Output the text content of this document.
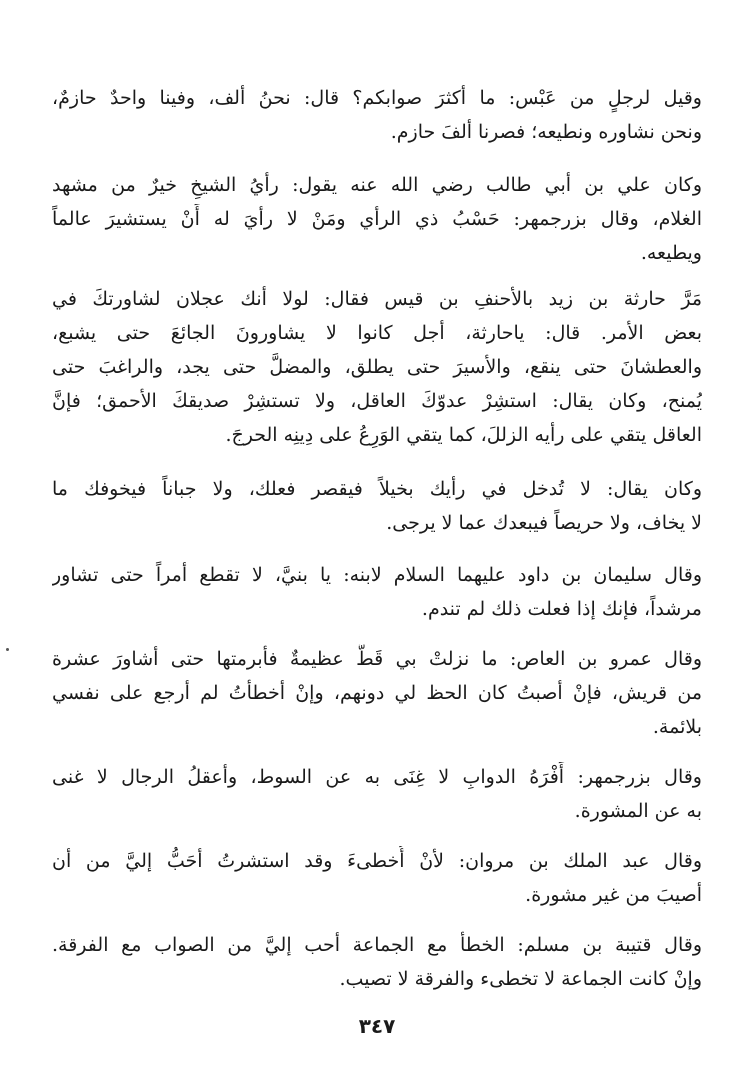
وقيل لرجلٍ من عَبْس: ما أكثرَ صوابكم؟ قال: نحنُ ألف، وفينا واحدٌ حازمٌ،
ونحن نشاوره ونطيعه؛ فصرنا ألفَ حازم.
وكان علي بن أبي طالب رضي الله عنه يقول: رأيُ الشيخِ خيرٌ من مشهد
الغلام، وقال بزرجمهر: حَسْبُ ذي الرأي ومَنْ لا رأيَ له أَنْ يستشيرَ عالماً
ويطيعه.
مَرَّ حارثة بن زيد بالأحنفِ بن قيس فقال: لولا أنك عجلان لشاورتكَ في
بعض الأمر. قال: ياحارثة، أجل كانوا لا يشاورونَ الجائعَ حتى يشبع،
والعطشانَ حتى ينقع، والأسيرَ حتى يطلق، والمضلَّ حتى يجد، والراغبَ حتى
يُمنح، وكان يقال: استشِرْ عدوّكَ العاقل، ولا تستشِرْ صديقكَ الأحمق؛ فإنَّ
العاقل يتقي على رأيه الزللَ، كما يتقي الوَرِعُ على دِينِه الحرجَ.
وكان يقال: لا تُدخل في رأيك بخيلاً فيقصر فعلك، ولا جباناً فيخوفك ما
لا يخاف، ولا حريصاً فيبعدك عما لا يرجى.
وقال سليمان بن داود عليهما السلام لابنه: يا بنيَّ، لا تقطع أمراً حتى تشاور
مرشداً، فإنك إذا فعلت ذلك لم تندم.
وقال عمرو بن العاص: ما نزلتْ بي قَطُّ عظيمةٌ فأبرمتها حتى أشاورَ عشرة
من قريش، فإنْ أصبتُ كان الحظ لي دونهم، وإنْ أخطأتُ لم أرجع على نفسي
بلائمة.
وقال بزرجمهر: أَفْرَهُ الدوابِ لا غِنَى به عن السوط، وأعقلُ الرجال لا غنى
به عن المشورة.
وقال عبد الملك بن مروان: لأنْ أُخطىءَ وقد استشرتُ أحَبُّ إليَّ من أن
أصيبَ من غير مشورة.
وقال قتيبة بن مسلم: الخطأ مع الجماعة أحب إليَّ من الصواب مع الفرقة.
وإنْ كانت الجماعة لا تخطىء والفرقة لا تصيب.
٣٤٧
